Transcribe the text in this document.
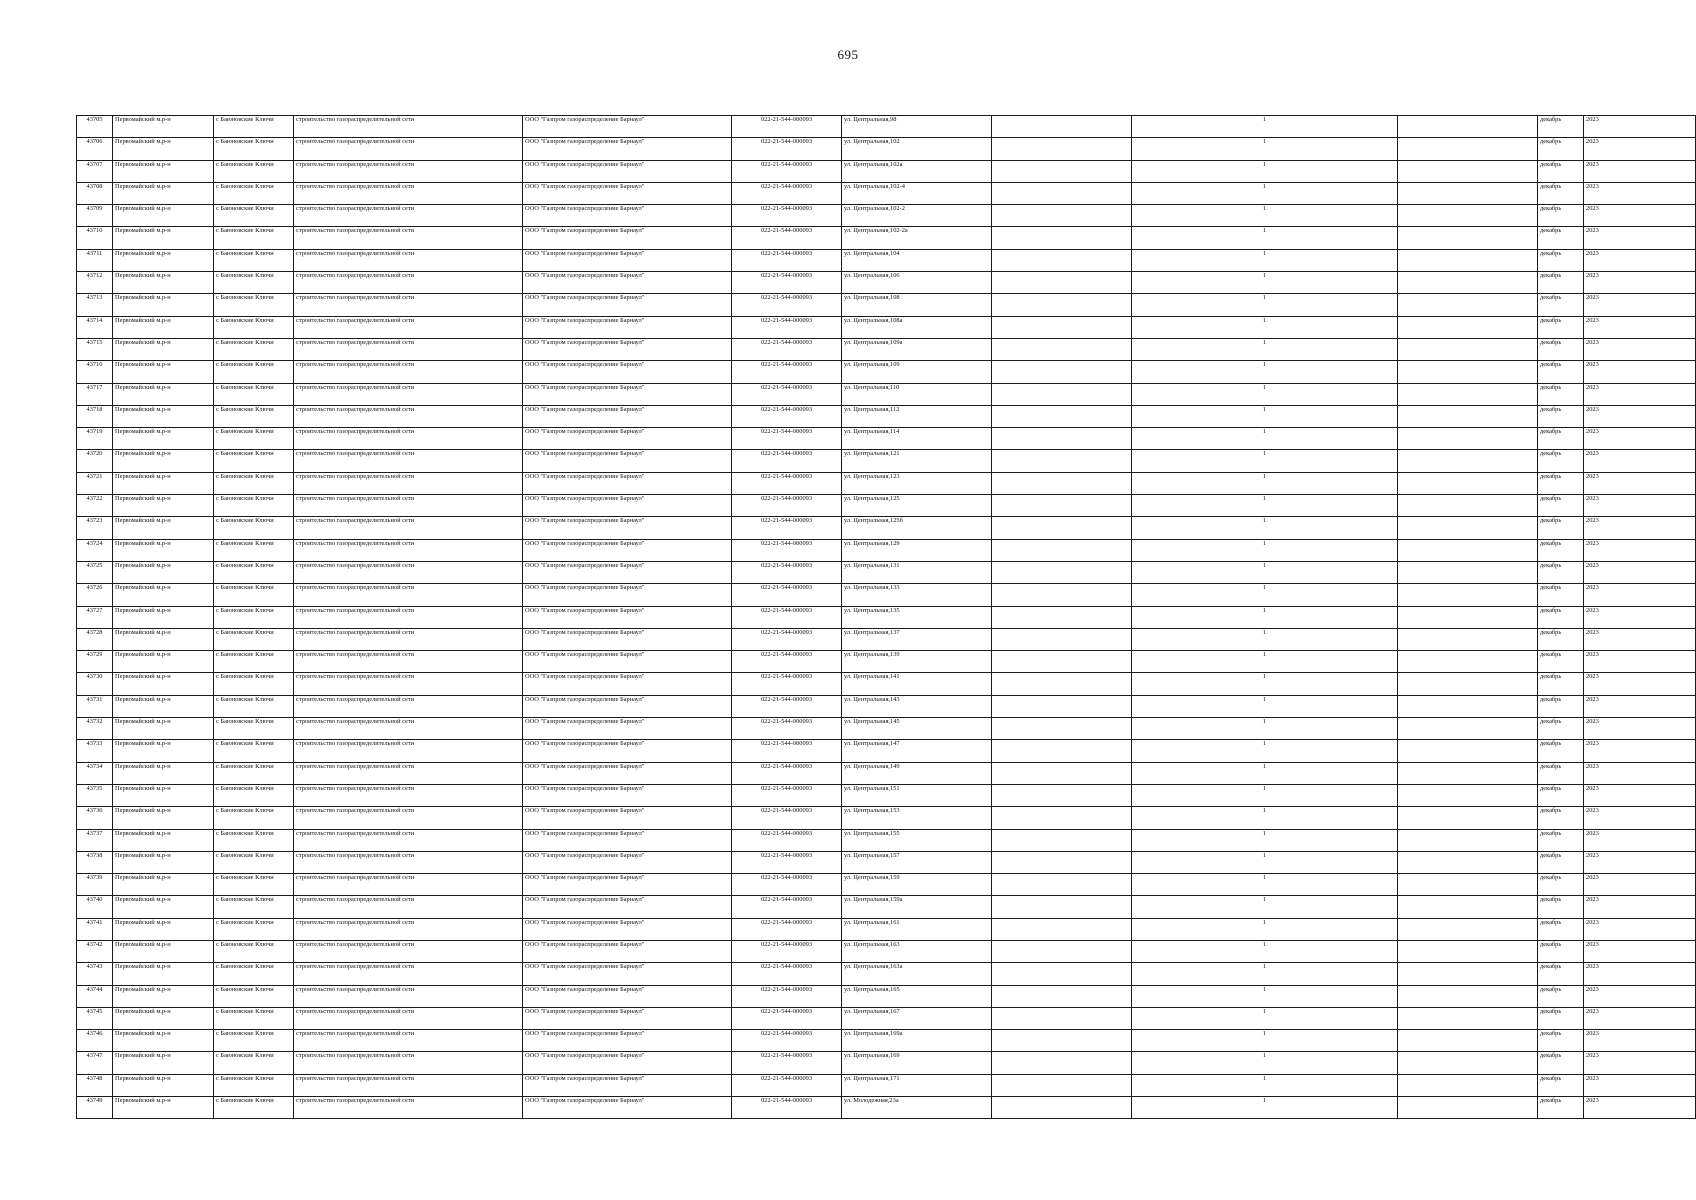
695
43705	Первомайский м.р-н	с Баюновские Ключи	строительство газораспределительной сети	ООО "Газпром газораспределение Барнаул"	022-21-544-000093	ул. Центральная,98		1		декабрь	2023
43706	Первомайский м.р-н	с Баюновские Ключи	строительство газораспределительной сети	ООО "Газпром газораспределение Барнаул"	022-21-544-000093	ул. Центральная,102		1		декабрь	2023
43707	Первомайский м.р-н	с Баюновские Ключи	строительство газораспределительной сети	ООО "Газпром газораспределение Барнаул"	022-21-544-000093	ул. Центральная,102а		1		декабрь	2023
43708	Первомайский м.р-н	с Баюновские Ключи	строительство газораспределительной сети	ООО "Газпром газораспределение Барнаул"	022-21-544-000093	ул. Центральная,102-4		1		декабрь	2023
43709	Первомайский м.р-н	с Баюновские Ключи	строительство газораспределительной сети	ООО "Газпром газораспределение Барнаул"	022-21-544-000093	ул. Центральная,102-2		1		декабрь	2023
43710	Первомайский м.р-н	с Баюновские Ключи	строительство газораспределительной сети	ООО "Газпром газораспределение Барнаул"	022-21-544-000093	ул. Центральная,102-2а		1		декабрь	2023
43711	Первомайский м.р-н	с Баюновские Ключи	строительство газораспределительной сети	ООО "Газпром газораспределение Барнаул"	022-21-544-000093	ул. Центральная,104		1		декабрь	2023
43712	Первомайский м.р-н	с Баюновские Ключи	строительство газораспределительной сети	ООО "Газпром газораспределение Барнаул"	022-21-544-000093	ул. Центральная,106		1		декабрь	2023
43713	Первомайский м.р-н	с Баюновские Ключи	строительство газораспределительной сети	ООО "Газпром газораспределение Барнаул"	022-21-544-000093	ул. Центральная,108		1		декабрь	2023
43714	Первомайский м.р-н	с Баюновские Ключи	строительство газораспределительной сети	ООО "Газпром газораспределение Барнаул"	022-21-544-000093	ул. Центральная,108а		1		декабрь	2023
43715	Первомайский м.р-н	с Баюновские Ключи	строительство газораспределительной сети	ООО "Газпром газораспределение Барнаул"	022-21-544-000093	ул. Центральная,109а		1		декабрь	2023
43716	Первомайский м.р-н	с Баюновские Ключи	строительство газораспределительной сети	ООО "Газпром газораспределение Барнаул"	022-21-544-000093	ул. Центральная,109		1		декабрь	2023
43717	Первомайский м.р-н	с Баюновские Ключи	строительство газораспределительной сети	ООО "Газпром газораспределение Барнаул"	022-21-544-000093	ул. Центральная,110		1		декабрь	2023
43718	Первомайский м.р-н	с Баюновские Ключи	строительство газораспределительной сети	ООО "Газпром газораспределение Барнаул"	022-21-544-000093	ул. Центральная,112		1		декабрь	2023
43719	Первомайский м.р-н	с Баюновские Ключи	строительство газораспределительной сети	ООО "Газпром газораспределение Барнаул"	022-21-544-000093	ул. Центральная,114		1		декабрь	2023
43720	Первомайский м.р-н	с Баюновские Ключи	строительство газораспределительной сети	ООО "Газпром газораспределение Барнаул"	022-21-544-000093	ул. Центральная,121		1		декабрь	2023
43721	Первомайский м.р-н	с Баюновские Ключи	строительство газораспределительной сети	ООО "Газпром газораспределение Барнаул"	022-21-544-000093	ул. Центральная,123		1		декабрь	2023
43722	Первомайский м.р-н	с Баюновские Ключи	строительство газораспределительной сети	ООО "Газпром газораспределение Барнаул"	022-21-544-000093	ул. Центральная,125		1		декабрь	2023
43723	Первомайский м.р-н	с Баюновские Ключи	строительство газораспределительной сети	ООО "Газпром газораспределение Барнаул"	022-21-544-000093	ул. Центральная,125б		1		декабрь	2023
43724	Первомайский м.р-н	с Баюновские Ключи	строительство газораспределительной сети	ООО "Газпром газораспределение Барнаул"	022-21-544-000093	ул. Центральная,129		1		декабрь	2023
43725	Первомайский м.р-н	с Баюновские Ключи	строительство газораспределительной сети	ООО "Газпром газораспределение Барнаул"	022-21-544-000093	ул. Центральная,131		1		декабрь	2023
43726	Первомайский м.р-н	с Баюновские Ключи	строительство газораспределительной сети	ООО "Газпром газораспределение Барнаул"	022-21-544-000093	ул. Центральная,133		1		декабрь	2023
43727	Первомайский м.р-н	с Баюновские Ключи	строительство газораспределительной сети	ООО "Газпром газораспределение Барнаул"	022-21-544-000093	ул. Центральная,135		1		декабрь	2023
43728	Первомайский м.р-н	с Баюновские Ключи	строительство газораспределительной сети	ООО "Газпром газораспределение Барнаул"	022-21-544-000093	ул. Центральная,137		1		декабрь	2023
43729	Первомайский м.р-н	с Баюновские Ключи	строительство газораспределительной сети	ООО "Газпром газораспределение Барнаул"	022-21-544-000093	ул. Центральная,139		1		декабрь	2023
43730	Первомайский м.р-н	с Баюновские Ключи	строительство газораспределительной сети	ООО "Газпром газораспределение Барнаул"	022-21-544-000093	ул. Центральная,141		1		декабрь	2023
43731	Первомайский м.р-н	с Баюновские Ключи	строительство газораспределительной сети	ООО "Газпром газораспределение Барнаул"	022-21-544-000093	ул. Центральная,143		1		декабрь	2023
43732	Первомайский м.р-н	с Баюновские Ключи	строительство газораспределительной сети	ООО "Газпром газораспределение Барнаул"	022-21-544-000093	ул. Центральная,145		1		декабрь	2023
43733	Первомайский м.р-н	с Баюновские Ключи	строительство газораспределительной сети	ООО "Газпром газораспределение Барнаул"	022-21-544-000093	ул. Центральная,147		1		декабрь	2023
43734	Первомайский м.р-н	с Баюновские Ключи	строительство газораспределительной сети	ООО "Газпром газораспределение Барнаул"	022-21-544-000093	ул. Центральная,149		1		декабрь	2023
43735	Первомайский м.р-н	с Баюновские Ключи	строительство газораспределительной сети	ООО "Газпром газораспределение Барнаул"	022-21-544-000093	ул. Центральная,151		1		декабрь	2023
43736	Первомайский м.р-н	с Баюновские Ключи	строительство газораспределительной сети	ООО "Газпром газораспределение Барнаул"	022-21-544-000093	ул. Центральная,153		1		декабрь	2023
43737	Первомайский м.р-н	с Баюновские Ключи	строительство газораспределительной сети	ООО "Газпром газораспределение Барнаул"	022-21-544-000093	ул. Центральная,155		1		декабрь	2023
43738	Первомайский м.р-н	с Баюновские Ключи	строительство газораспределительной сети	ООО "Газпром газораспределение Барнаул"	022-21-544-000093	ул. Центральная,157		1		декабрь	2023
43739	Первомайский м.р-н	с Баюновские Ключи	строительство газораспределительной сети	ООО "Газпром газораспределение Барнаул"	022-21-544-000093	ул. Центральная,159		1		декабрь	2023
43740	Первомайский м.р-н	с Баюновские Ключи	строительство газораспределительной сети	ООО "Газпром газораспределение Барнаул"	022-21-544-000093	ул. Центральная,159а		1		декабрь	2023
43741	Первомайский м.р-н	с Баюновские Ключи	строительство газораспределительной сети	ООО "Газпром газораспределение Барнаул"	022-21-544-000093	ул. Центральная,161		1		декабрь	2023
43742	Первомайский м.р-н	с Баюновские Ключи	строительство газораспределительной сети	ООО "Газпром газораспределение Барнаул"	022-21-544-000093	ул. Центральная,163		1		декабрь	2023
43743	Первомайский м.р-н	с Баюновские Ключи	строительство газораспределительной сети	ООО "Газпром газораспределение Барнаул"	022-21-544-000093	ул. Центральная,163а		1		декабрь	2023
43744	Первомайский м.р-н	с Баюновские Ключи	строительство газораспределительной сети	ООО "Газпром газораспределение Барнаул"	022-21-544-000093	ул. Центральная,165		1		декабрь	2023
43745	Первомайский м.р-н	с Баюновские Ключи	строительство газораспределительной сети	ООО "Газпром газораспределение Барнаул"	022-21-544-000093	ул. Центральная,167		1		декабрь	2023
43746	Первомайский м.р-н	с Баюновские Ключи	строительство газораспределительной сети	ООО "Газпром газораспределение Барнаул"	022-21-544-000093	ул. Центральная,169а		1		декабрь	2023
43747	Первомайский м.р-н	с Баюновские Ключи	строительство газораспределительной сети	ООО "Газпром газораспределение Барнаул"	022-21-544-000093	ул. Центральная,169		1		декабрь	2023
43748	Первомайский м.р-н	с Баюновские Ключи	строительство газораспределительной сети	ООО "Газпром газораспределение Барнаул"	022-21-544-000093	ул. Центральная,171		1		декабрь	2023
43749	Первомайский м.р-н	с Баюновские Ключи	строительство газораспределительной сети	ООО "Газпром газораспределение Барнаул"	022-21-544-000093	ул. Молодежная,23а		1		декабрь	2023
